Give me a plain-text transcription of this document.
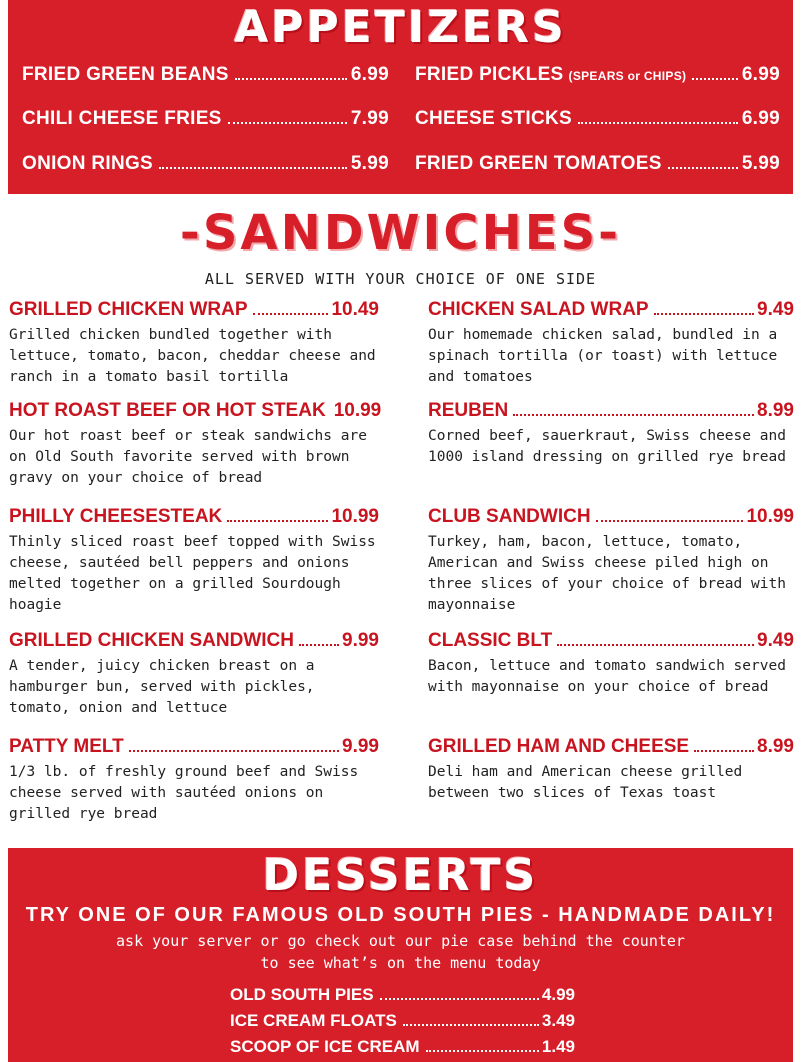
APPETIZERS
FRIED GREEN BEANS	6.99
CHILI CHEESE FRIES	7.99
ONION RINGS	5.99
FRIED PICKLES (SPEARS or CHIPS)	6.99
CHEESE STICKS	6.99
FRIED GREEN TOMATOES	5.99
-SANDWICHES-
ALL SERVED WITH YOUR CHOICE OF ONE SIDE
GRILLED CHICKEN WRAP	10.49
Grilled chicken bundled together with lettuce, tomato, bacon, cheddar cheese and ranch in a tomato basil tortilla
HOT ROAST BEEF OR HOT STEAK 10.99
Our hot roast beef or steak sandwichs are on Old South favorite served with brown gravy on your choice of bread
PHILLY CHEESESTEAK	10.99
Thinly sliced roast beef topped with Swiss cheese, sautéed bell peppers and onions melted together on a grilled Sourdough hoagie
GRILLED CHICKEN SANDWICH	9.99
A tender, juicy chicken breast on a hamburger bun, served with pickles, tomato, onion and lettuce
PATTY MELT	9.99
1/3 lb. of freshly ground beef and Swiss cheese served with sautéed onions on grilled rye bread
CHICKEN SALAD WRAP	9.49
Our homemade chicken salad, bundled in a spinach tortilla (or toast) with lettuce and tomatoes
REUBEN	8.99
Corned beef, sauerkraut, Swiss cheese and 1000 island dressing on grilled rye bread
CLUB SANDWICH	10.99
Turkey, ham, bacon, lettuce, tomato, American and Swiss cheese piled high on three slices of your choice of bread with mayonnaise
CLASSIC BLT	9.49
Bacon, lettuce and tomato sandwich served with mayonnaise on your choice of bread
GRILLED HAM AND CHEESE	8.99
Deli ham and American cheese grilled between two slices of Texas toast
DESSERTS
TRY ONE OF OUR FAMOUS OLD SOUTH PIES - HANDMADE DAILY!
ask your server or go check out our pie case behind the counter
to see what’s on the menu today
OLD SOUTH PIES	4.99
ICE CREAM FLOATS	3.49
SCOOP OF ICE CREAM	1.49
